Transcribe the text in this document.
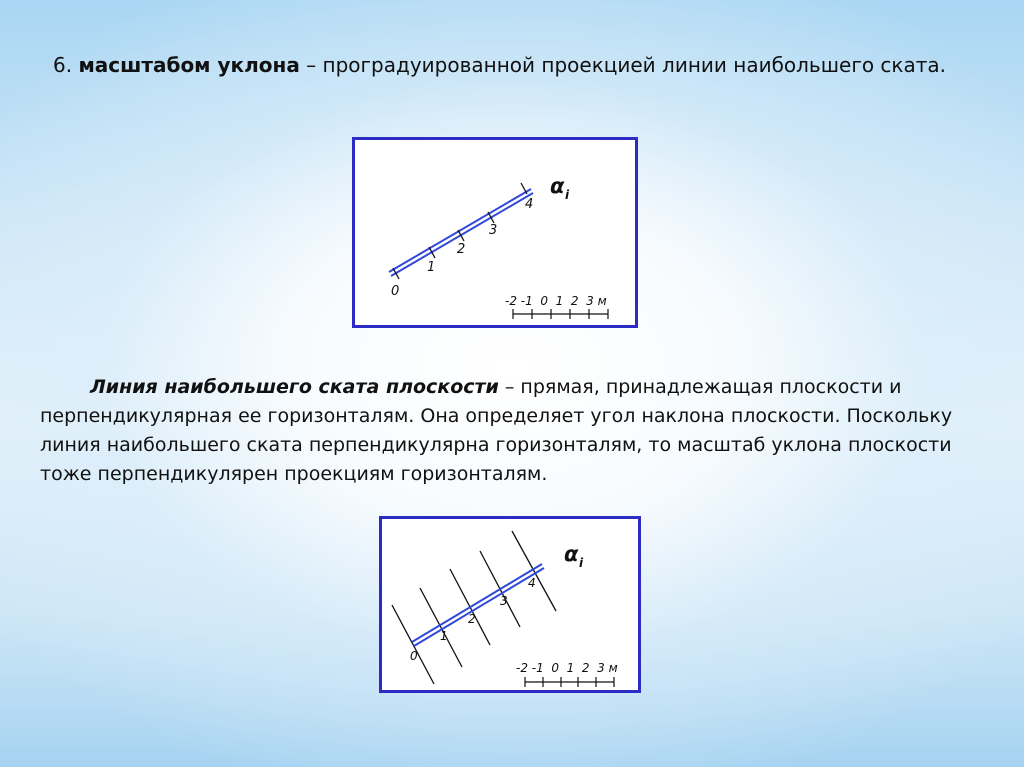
6. масштабом уклона – проградуированной проекцией линии наибольшего ската.
0
1
2
3
4
α i
-2 -1  0  1  2  3 м
Линия наибольшего ската плоскости – прямая, принадлежащая плоскости и перпендикулярная ее горизонталям. Она определяет угол наклона плоскости. Поскольку линия наибольшего ската перпендикулярна горизонталям, то масштаб уклона плоскости тоже перпендикулярен проекциям горизонталям.
0
1
2
3
4
α i
-2 -1  0  1  2  3 м
